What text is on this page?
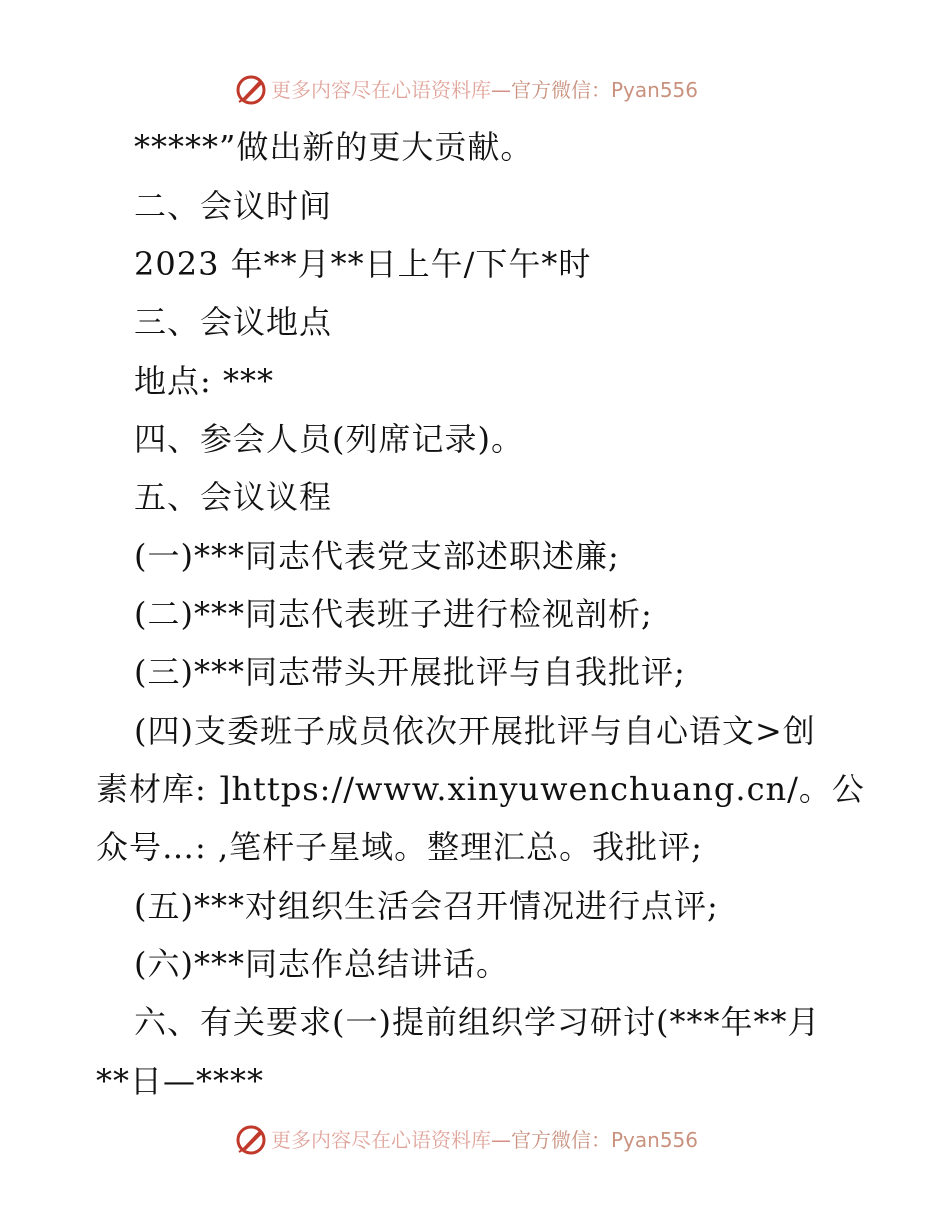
更多内容尽在心语资料库—官方微信：Pyan556
*****”做出新的更大贡献。
二、会议时间
2023 年**月**日上午/下午*时
三、会议地点
地点: ***
四、参会人员(列席记录)。
五、会议议程
(一)***同志代表党支部述职述廉;
(二)***同志代表班子进行检视剖析;
(三)***同志带头开展批评与自我批评;
(四)支委班子成员依次开展批评与自心语文>创
素材库: ]https://www.xinyuwenchuang.cn/。公
众号…: ,笔杆子星域。整理汇总。我批评;
(五)***对组织生活会召开情况进行点评;
(六)***同志作总结讲话。
六、有关要求(一)提前组织学习研讨(***年**月
**日—****
更多内容尽在心语资料库—官方微信：Pyan556
